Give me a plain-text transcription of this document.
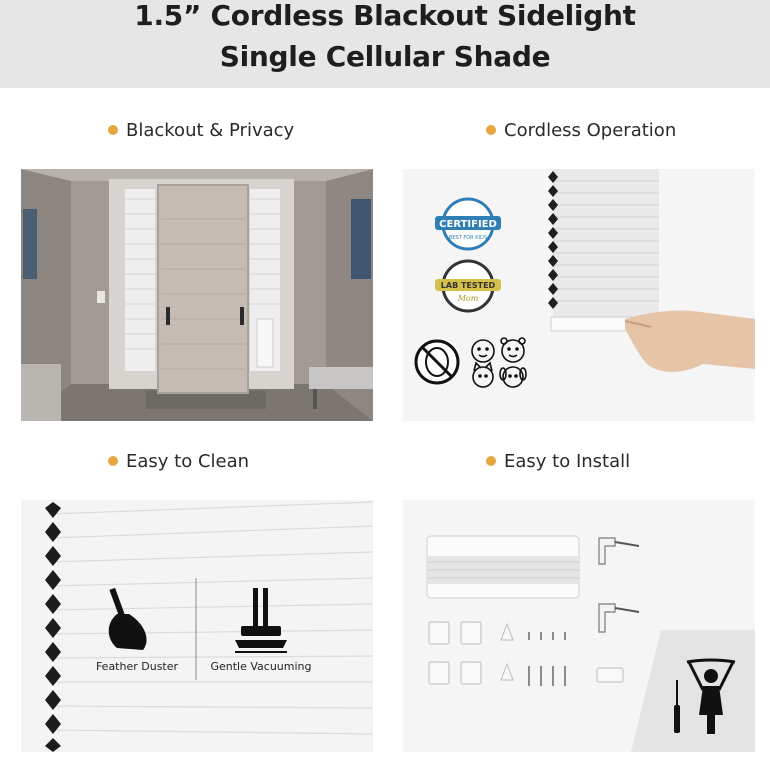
1.5” Cordless Blackout Sidelight
Single Cellular Shade
Blackout & Privacy	Cordless Operation
Easy to Clean	Easy to Install
CERTIFIED
BEST FOR KIDS
LAB TESTED
Mom
Feather Duster	Gentle Vacuuming
